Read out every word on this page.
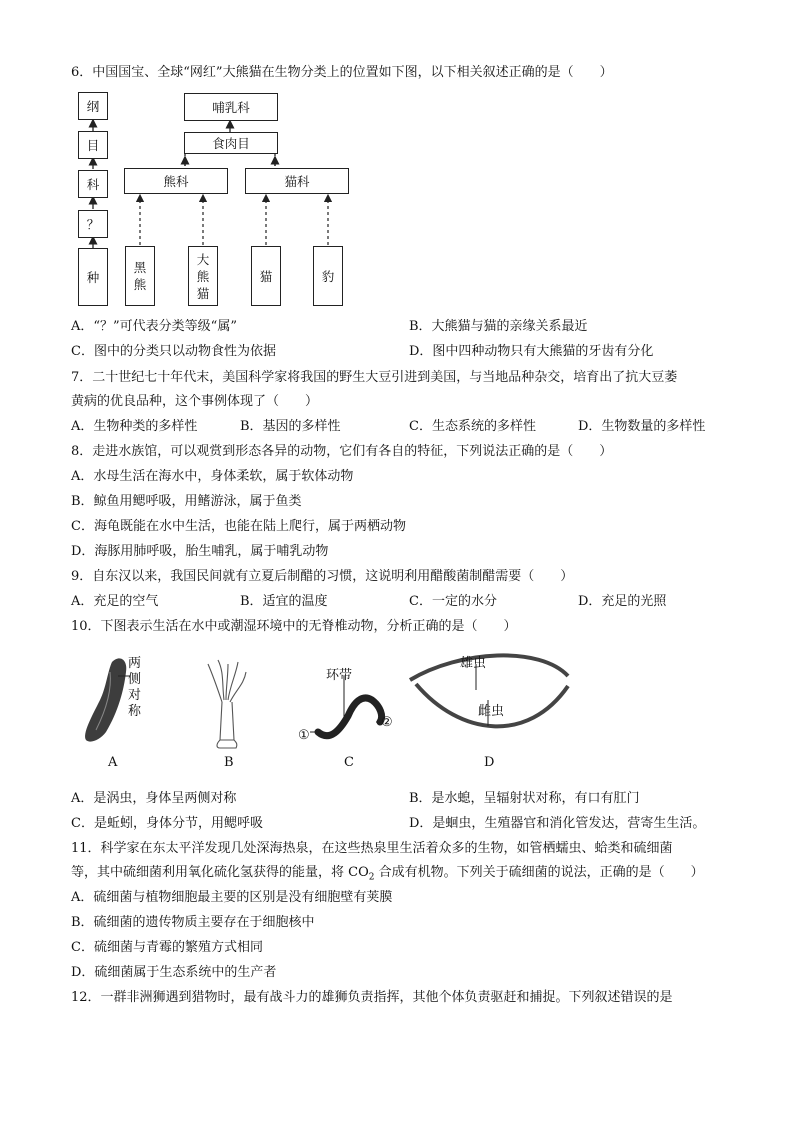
6．中国国宝、全球“网红”大熊猫在生物分类上的位置如下图，以下相关叙述正确的是（　　）
纲
目
科
？
种
哺乳科
食肉目
熊科	猫科
黑
熊
大
熊
猫
猫	豹
A．“？”可代表分类等级“属”	B．大熊猫与猫的亲缘关系最近
C．图中的分类只以动物食性为依据	D．图中四种动物只有大熊猫的牙齿有分化
7．二十世纪七十年代末，美国科学家将我国的野生大豆引进到美国，与当地品种杂交，培育出了抗大豆萎
黄病的优良品种，这个事例体现了（　　）
A．生物种类的多样性	B．基因的多样性	C．生态系统的多样性	D．生物数量的多样性
8．走进水族馆，可以观赏到形态各异的动物，它们有各自的特征，下列说法正确的是（　　）
A．水母生活在海水中，身体柔软，属于软体动物
B．鲸鱼用鳃呼吸，用鳍游泳，属于鱼类
C．海龟既能在水中生活，也能在陆上爬行，属于两栖动物
D．海豚用肺呼吸，胎生哺乳，属于哺乳动物
9．自东汉以来，我国民间就有立夏后制醋的习惯，这说明利用醋酸菌制醋需要（　　）
A．充足的空气	B．适宜的温度	C．一定的水分	D．充足的光照
10．下图表示生活在水中或潮湿环境中的无脊椎动物，分析正确的是（　　）
两
侧
对
称
环带
①
②
雄虫
雌虫
A	B	C	D
A．是涡虫，身体呈两侧对称	B．是水螅，呈辐射状对称，有口有肛门
C．是蚯蚓，身体分节，用鳃呼吸	D．是蛔虫，生殖器官和消化管发达，营寄生生活。
11．科学家在东太平洋发现几处深海热泉，在这些热泉里生活着众多的生物，如管栖蠕虫、蛤类和硫细菌
等，其中硫细菌利用氧化硫化氢获得的能量，将 $CO_2$ 合成有机物。下列关于硫细菌的说法，正确的是（　　）
A．硫细菌与植物细胞最主要的区别是没有细胞壁有荚膜
B．硫细菌的遗传物质主要存在于细胞核中
C．硫细菌与青霉的繁殖方式相同
D．硫细菌属于生态系统中的生产者
12．一群非洲狮遇到猎物时，最有战斗力的雄狮负责指挥，其他个体负责驱赶和捕捉。下列叙述错误的是
